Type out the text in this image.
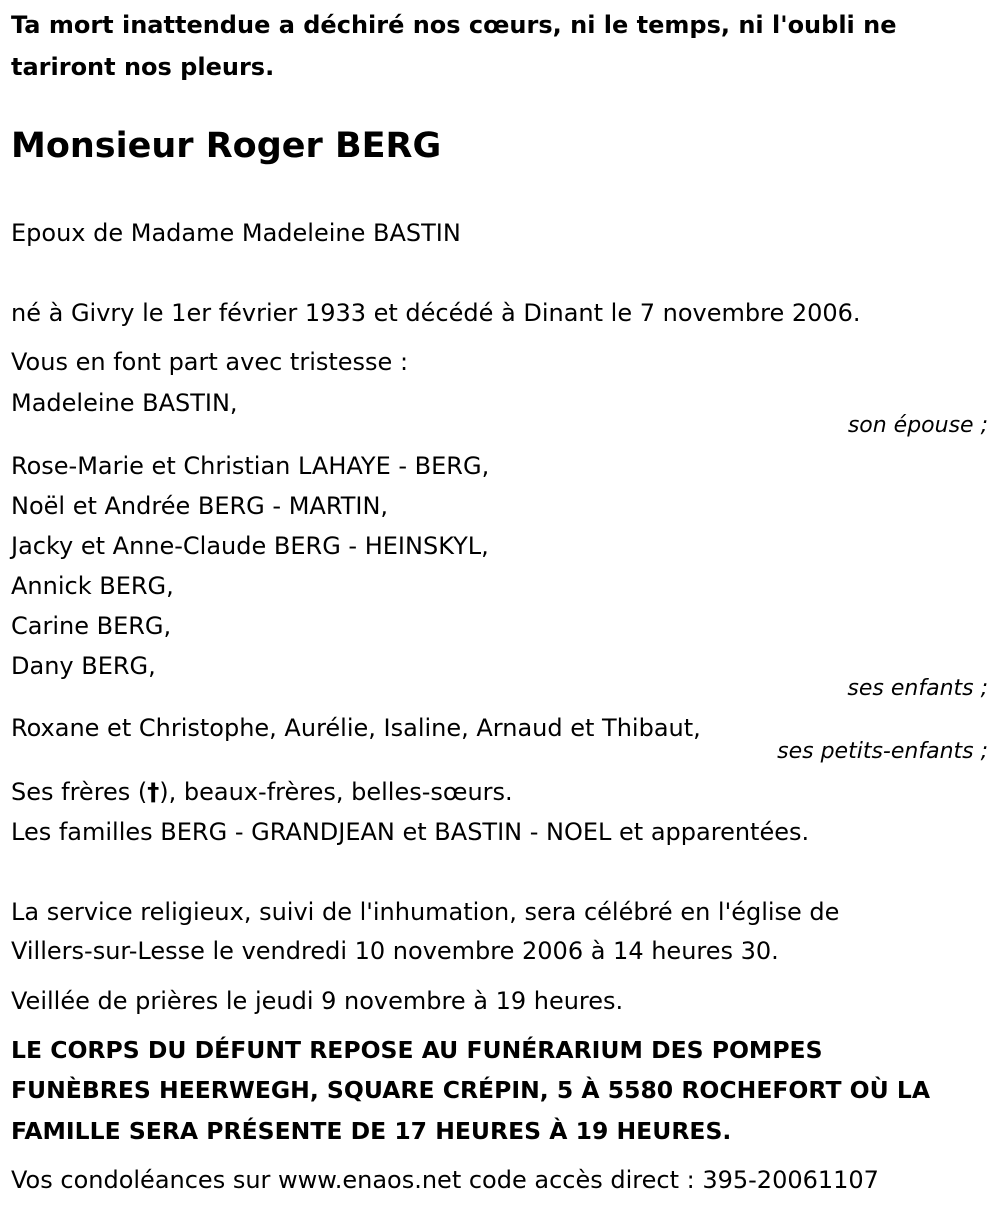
Ta mort inattendue a déchiré nos cœurs, ni le temps, ni l'oubli ne
tariront nos pleurs.
Monsieur Roger BERG
Epoux de Madame Madeleine BASTIN
né à Givry le 1er février 1933 et décédé à Dinant le 7 novembre 2006.
Vous en font part avec tristesse :
Madeleine BASTIN,
son épouse ;
Rose-Marie et Christian LAHAYE - BERG,
Noël et Andrée BERG - MARTIN,
Jacky et Anne-Claude BERG - HEINSKYL,
Annick BERG,
Carine BERG,
Dany BERG,
ses enfants ;
Roxane et Christophe, Aurélie, Isaline, Arnaud et Thibaut,
ses petits-enfants ;
Ses frères (†), beaux-frères, belles-sœurs.
Les familles BERG - GRANDJEAN et BASTIN - NOEL et apparentées.
La service religieux, suivi de l'inhumation, sera célébré en l'église de
Villers-sur-Lesse le vendredi 10 novembre 2006 à 14 heures 30.
Veillée de prières le jeudi 9 novembre à 19 heures.
LE CORPS DU DÉFUNT REPOSE AU FUNÉRARIUM DES POMPES
FUNÈBRES HEERWEGH, SQUARE CRÉPIN, 5 À 5580 ROCHEFORT OÙ LA
FAMILLE SERA PRÉSENTE DE 17 HEURES À 19 HEURES.
Vos condoléances sur www.enaos.net code accès direct : 395-20061107
